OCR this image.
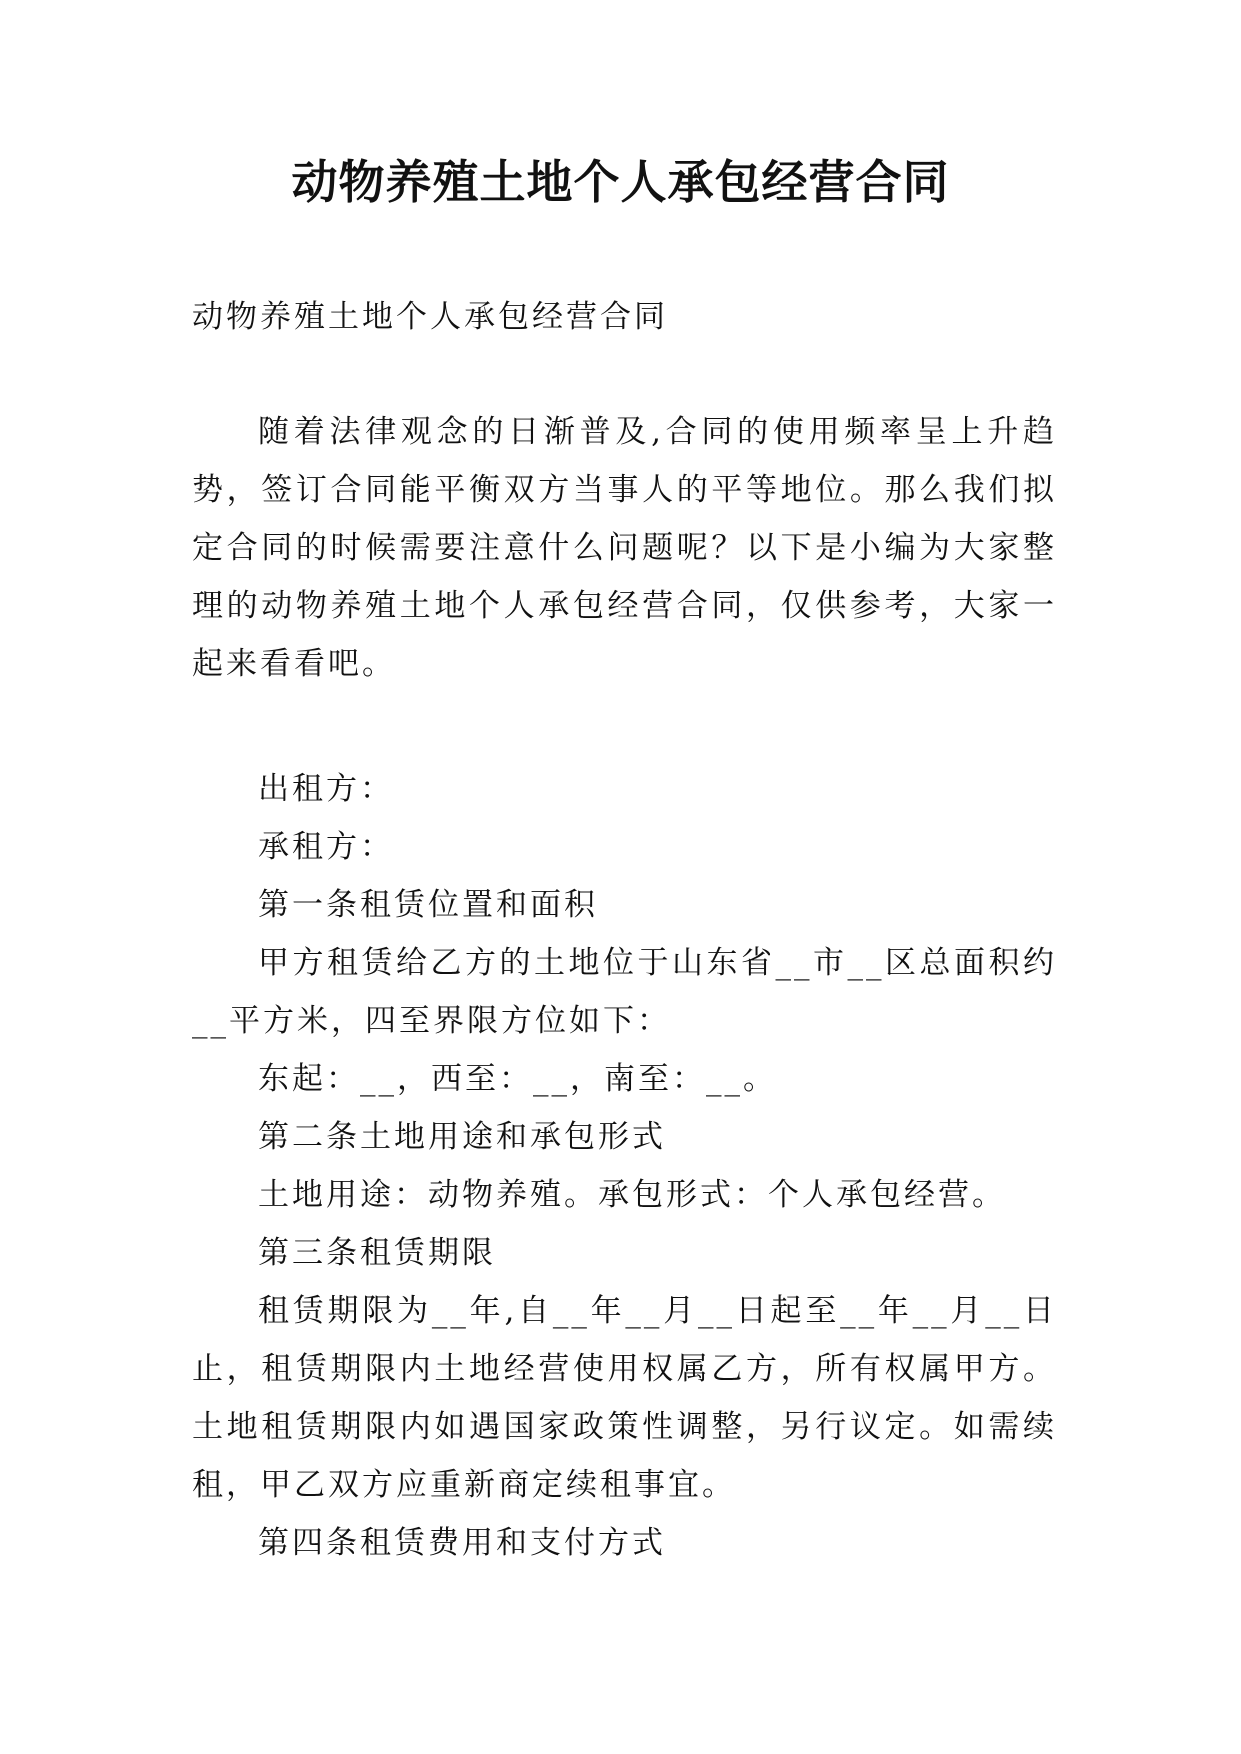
动物养殖土地个人承包经营合同
动物养殖土地个人承包经营合同

随着法律观念的日渐普及,合同的使用频率呈上升趋势，签订合同能平衡双方当事人的平等地位。那么我们拟定合同的时候需要注意什么问题呢？以下是小编为大家整理的动物养殖土地个人承包经营合同，仅供参考，大家一起来看看吧。

出租方：

承租方：

第一条租赁位置和面积

甲方租赁给乙方的土地位于山东省__市__区总面积约__平方米，四至界限方位如下：

东起：__，西至：__，南至：__。

第二条土地用途和承包形式

土地用途：动物养殖。承包形式：个人承包经营。

第三条租赁期限

租赁期限为__年,自__年__月__日起至__年__月__日止，租赁期限内土地经营使用权属乙方，所有权属甲方。土地租赁期限内如遇国家政策性调整，另行议定。如需续租，甲乙双方应重新商定续租事宜。

第四条租赁费用和支付方式
